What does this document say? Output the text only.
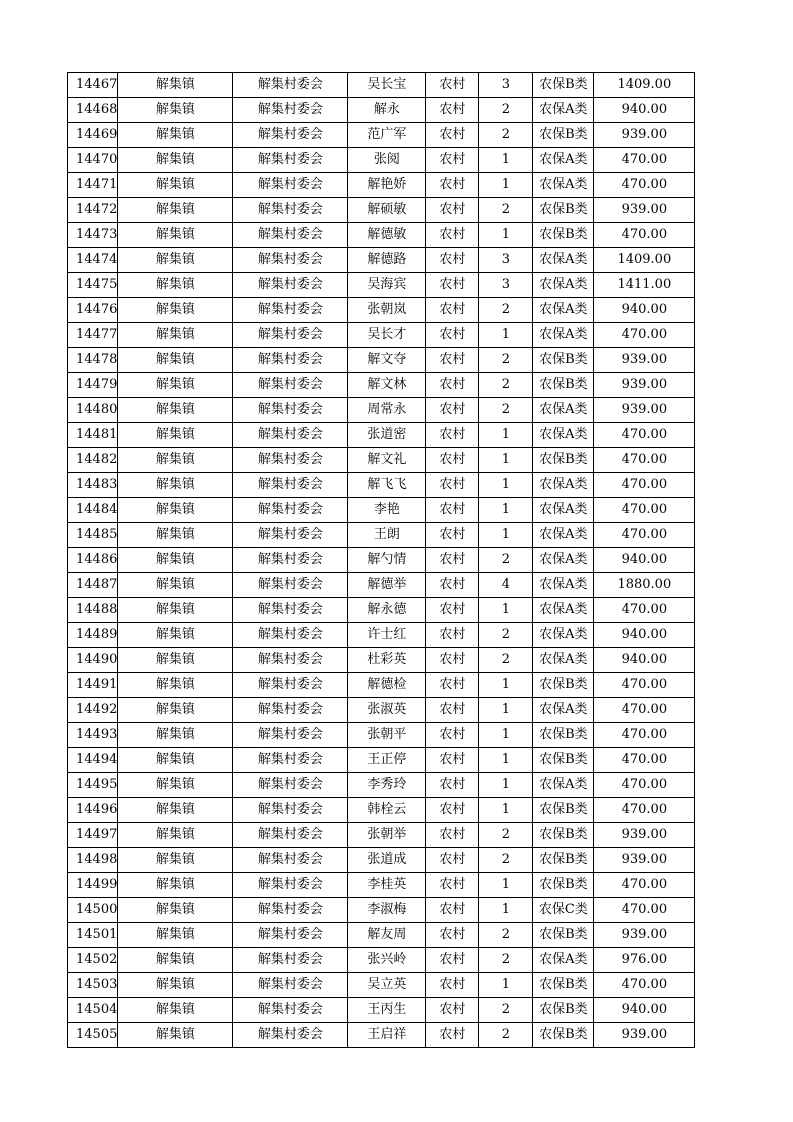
14467	解集镇	解集村委会	吴长宝	农村	3	农保B类	1409.00
14468	解集镇	解集村委会	解永	农村	2	农保A类	940.00
14469	解集镇	解集村委会	范广军	农村	2	农保B类	939.00
14470	解集镇	解集村委会	张阅	农村	1	农保A类	470.00
14471	解集镇	解集村委会	解艳娇	农村	1	农保A类	470.00
14472	解集镇	解集村委会	解硕敏	农村	2	农保B类	939.00
14473	解集镇	解集村委会	解德敏	农村	1	农保B类	470.00
14474	解集镇	解集村委会	解德路	农村	3	农保A类	1409.00
14475	解集镇	解集村委会	吴海宾	农村	3	农保A类	1411.00
14476	解集镇	解集村委会	张朝岚	农村	2	农保A类	940.00
14477	解集镇	解集村委会	吴长才	农村	1	农保A类	470.00
14478	解集镇	解集村委会	解文夺	农村	2	农保B类	939.00
14479	解集镇	解集村委会	解文林	农村	2	农保B类	939.00
14480	解集镇	解集村委会	周常永	农村	2	农保A类	939.00
14481	解集镇	解集村委会	张道密	农村	1	农保A类	470.00
14482	解集镇	解集村委会	解文礼	农村	1	农保B类	470.00
14483	解集镇	解集村委会	解飞飞	农村	1	农保A类	470.00
14484	解集镇	解集村委会	李艳	农村	1	农保A类	470.00
14485	解集镇	解集村委会	王朗	农村	1	农保A类	470.00
14486	解集镇	解集村委会	解勺情	农村	2	农保A类	940.00
14487	解集镇	解集村委会	解德举	农村	4	农保A类	1880.00
14488	解集镇	解集村委会	解永德	农村	1	农保A类	470.00
14489	解集镇	解集村委会	许士红	农村	2	农保A类	940.00
14490	解集镇	解集村委会	杜彩英	农村	2	农保A类	940.00
14491	解集镇	解集村委会	解德检	农村	1	农保B类	470.00
14492	解集镇	解集村委会	张淑英	农村	1	农保A类	470.00
14493	解集镇	解集村委会	张朝平	农村	1	农保B类	470.00
14494	解集镇	解集村委会	王正停	农村	1	农保B类	470.00
14495	解集镇	解集村委会	李秀玲	农村	1	农保A类	470.00
14496	解集镇	解集村委会	韩栓云	农村	1	农保B类	470.00
14497	解集镇	解集村委会	张朝举	农村	2	农保B类	939.00
14498	解集镇	解集村委会	张道成	农村	2	农保B类	939.00
14499	解集镇	解集村委会	李桂英	农村	1	农保B类	470.00
14500	解集镇	解集村委会	李淑梅	农村	1	农保C类	470.00
14501	解集镇	解集村委会	解友周	农村	2	农保B类	939.00
14502	解集镇	解集村委会	张兴岭	农村	2	农保A类	976.00
14503	解集镇	解集村委会	吴立英	农村	1	农保B类	470.00
14504	解集镇	解集村委会	王丙生	农村	2	农保B类	940.00
14505	解集镇	解集村委会	王启祥	农村	2	农保B类	939.00
